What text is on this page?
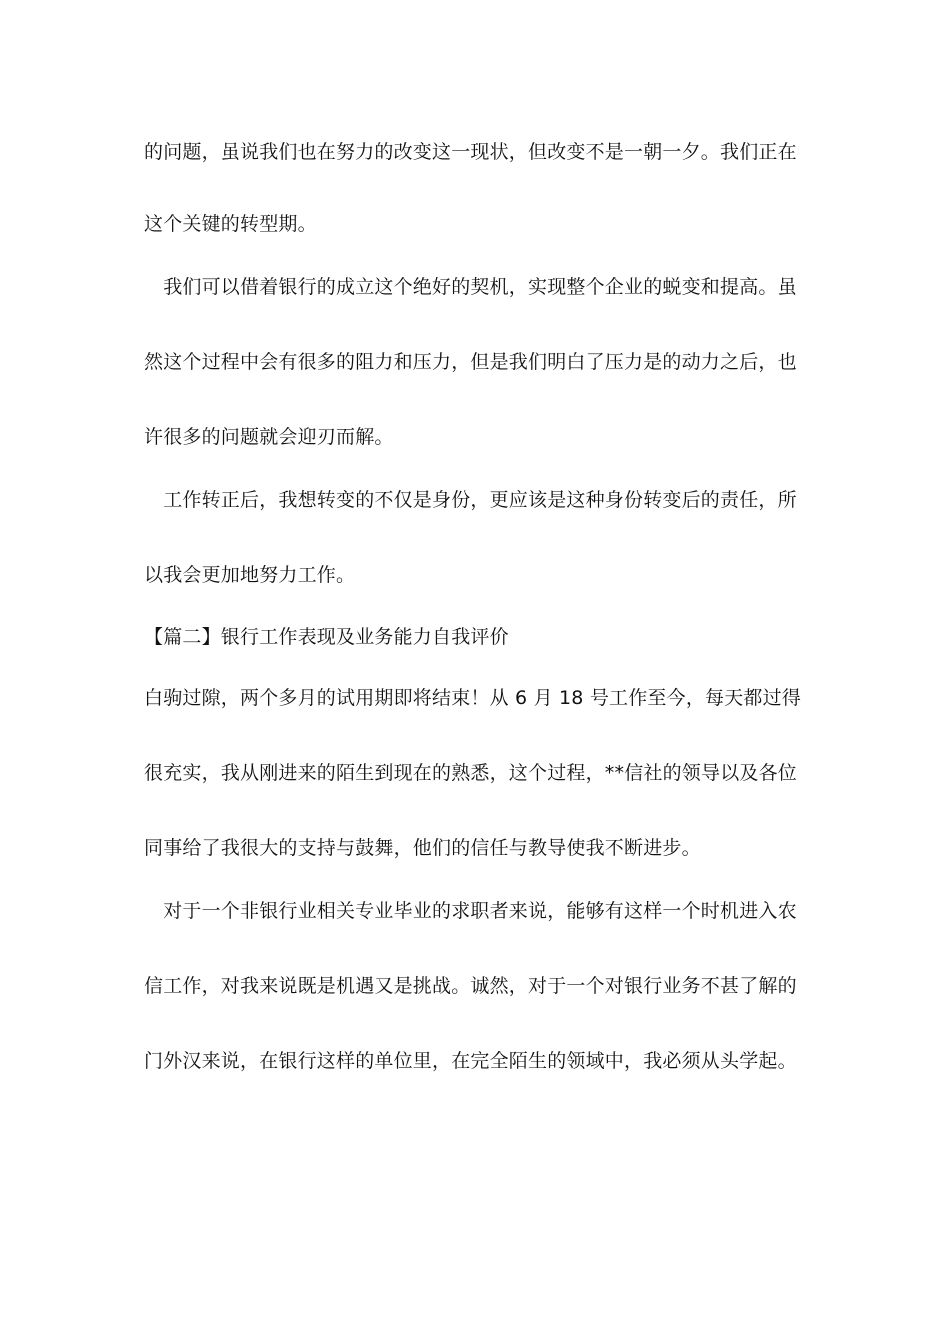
的问题，虽说我们也在努力的改变这一现状，但改变不是一朝一夕。我们正在
这个关键的转型期。
　我们可以借着银行的成立这个绝好的契机，实现整个企业的蜕变和提高。虽
然这个过程中会有很多的阻力和压力，但是我们明白了压力是的动力之后，也
许很多的问题就会迎刃而解。
　工作转正后，我想转变的不仅是身份，更应该是这种身份转变后的责任，所
以我会更加地努力工作。
【篇二】银行工作表现及业务能力自我评价
白驹过隙，两个多月的试用期即将结束！从 6 月 18 号工作至今，每天都过得
很充实，我从刚进来的陌生到现在的熟悉，这个过程，**信社的领导以及各位
同事给了我很大的支持与鼓舞，他们的信任与教导使我不断进步。
　对于一个非银行业相关专业毕业的求职者来说，能够有这样一个时机进入农
信工作，对我来说既是机遇又是挑战。诚然，对于一个对银行业务不甚了解的
门外汉来说，在银行这样的单位里，在完全陌生的领域中，我必须从头学起。
